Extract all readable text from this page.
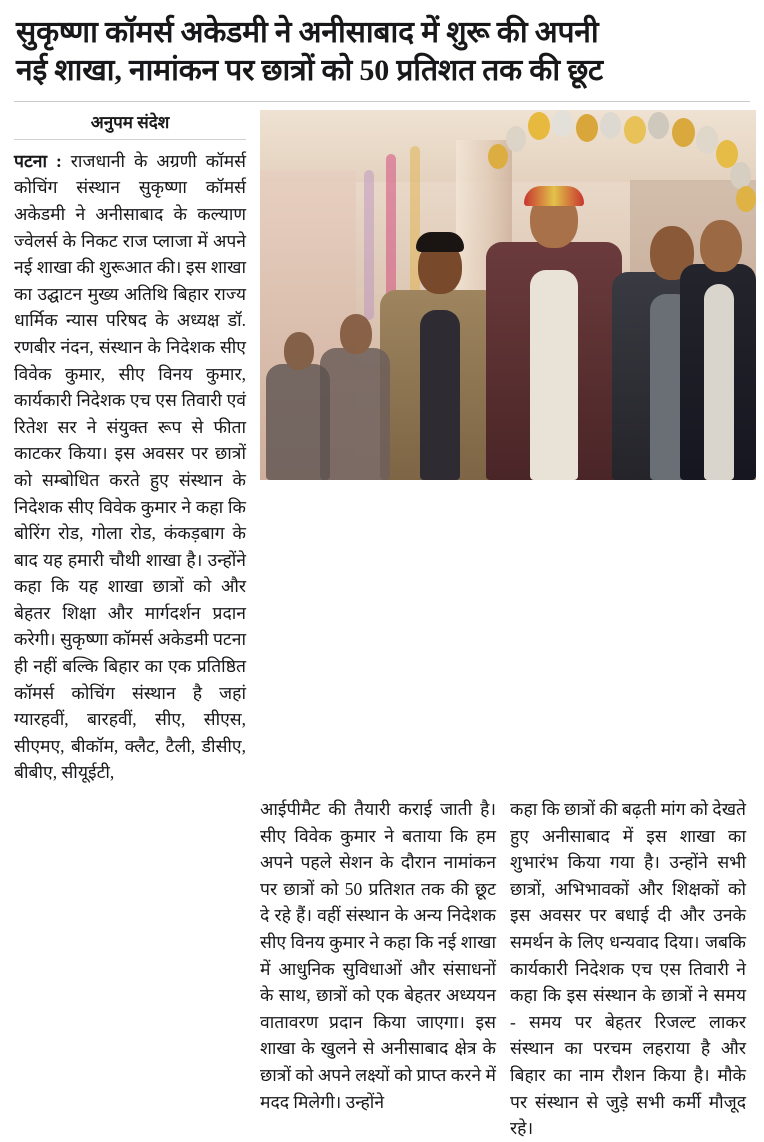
सुकृष्णा कॉमर्स अकेडमी ने अनीसाबाद में शुरू की अपनी
नई शाखा, नामांकन पर छात्रों को 50 प्रतिशत तक की छूट
अनुपम संदेश
पटना : राजधानी के अग्रणी कॉमर्स कोचिंग संस्थान सुकृष्णा कॉमर्स अकेडमी ने अनीसाबाद के कल्याण ज्वेलर्स के निकट राज प्लाजा में अपने नई शाखा की शुरूआत की। इस शाखा का उद्घाटन मुख्य अतिथि बिहार राज्य धार्मिक न्यास परिषद के अध्यक्ष डॉ. रणबीर नंदन, संस्थान के निदेशक सीए विवेक कुमार, सीए विनय कुमार, कार्यकारी निदेशक एच एस तिवारी एवं रितेश सर ने संयुक्त रूप से फीता काटकर किया। इस अवसर पर छात्रों को सम्बोधित करते हुए संस्थान के निदेशक सीए विवेक कुमार ने कहा कि बोरिंग रोड, गोला रोड, कंकड़बाग के बाद यह हमारी चौथी शाखा है। उन्होंने कहा कि यह शाखा छात्रों को और बेहतर शिक्षा और मार्गदर्शन प्रदान करेगी। सुकृष्णा कॉमर्स अकेडमी पटना ही नहीं बल्कि बिहार का एक प्रतिष्ठित कॉमर्स कोचिंग संस्थान है जहां ग्यारहवीं, बारहवीं, सीए, सीएस, सीएमए, बीकॉम, क्लैट, टैली, डीसीए, बीबीए, सीयूईटी,
आईपीमैट की तैयारी कराई जाती है। सीए विवेक कुमार ने बताया कि हम अपने पहले सेशन के दौरान नामांकन पर छात्रों को 50 प्रतिशत तक की छूट दे रहे हैं। वहीं संस्थान के अन्य निदेशक सीए विनय कुमार ने कहा कि नई शाखा में आधुनिक सुविधाओं और संसाधनों के साथ, छात्रों को एक बेहतर अध्ययन वातावरण प्रदान किया जाएगा। इस शाखा के खुलने से अनीसाबाद क्षेत्र के छात्रों को अपने लक्ष्यों को प्राप्त करने में मदद मिलेगी। उन्होंने
कहा कि छात्रों की बढ़ती मांग को देखते हुए अनीसाबाद में इस शाखा का शुभारंभ किया गया है। उन्होंने सभी छात्रों, अभिभावकों और शिक्षकों को इस अवसर पर बधाई दी और उनके समर्थन के लिए धन्यवाद दिया। जबकि कार्यकारी निदेशक एच एस तिवारी ने कहा कि इस संस्थान के छात्रों ने समय - समय पर बेहतर रिजल्ट लाकर संस्थान का परचम लहराया है और बिहार का नाम रौशन किया है। मौके पर संस्थान से जुड़े सभी कर्मी मौजूद रहे।
